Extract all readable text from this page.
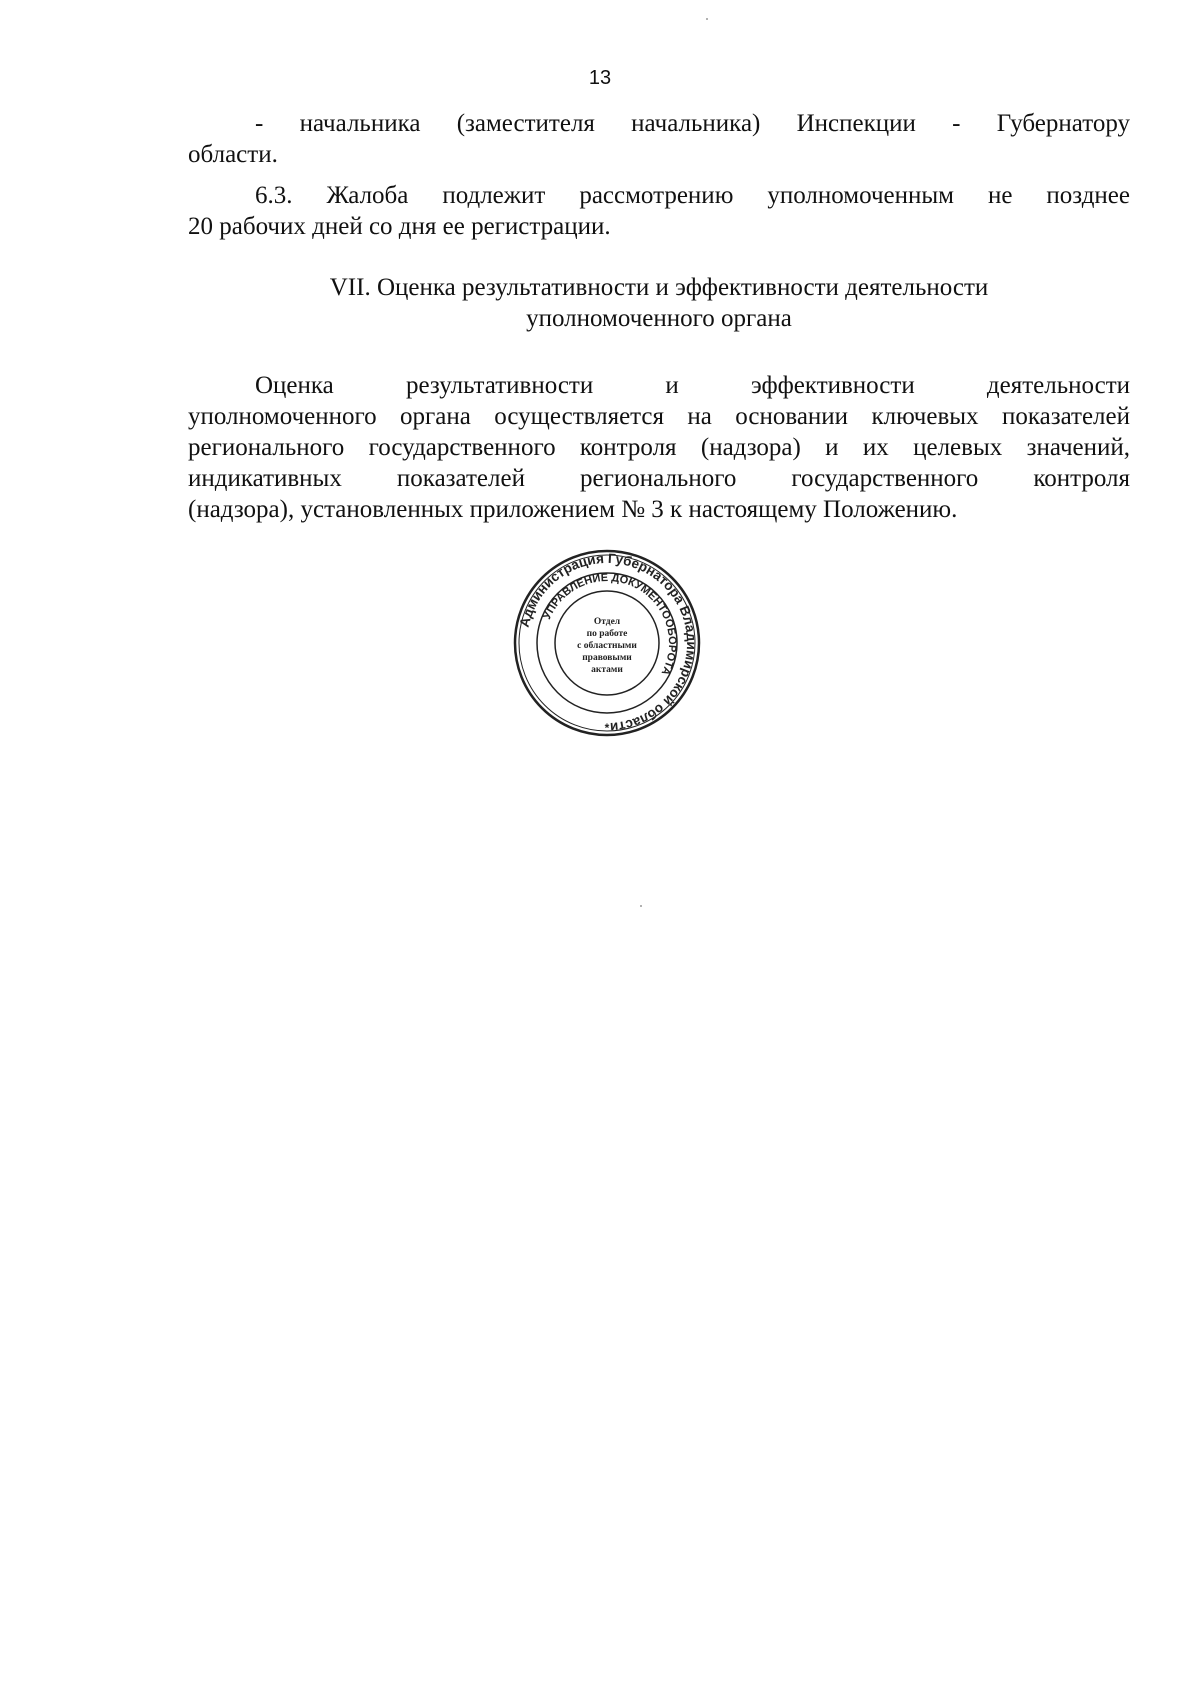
13
- начальника (заместителя начальника) Инспекции - Губернатору
области.
6.3. Жалоба подлежит рассмотрению уполномоченным не позднее
20 рабочих дней со дня ее регистрации.
VII. Оценка результативности и эффективности деятельности
уполномоченного органа
Оценка результативности и эффективности деятельности
уполномоченного органа осуществляется на основании ключевых показателей
регионального государственного контроля (надзора) и их целевых значений,
индикативных показателей регионального государственного контроля
(надзора), установленных приложением № 3 к настоящему Положению.
Администрация Губернатора Владимирской области
УПРАВЛЕНИЕ ДОКУМЕНТООБОРОТА
Отдел
по работе
с областными
правовыми
актами
*
